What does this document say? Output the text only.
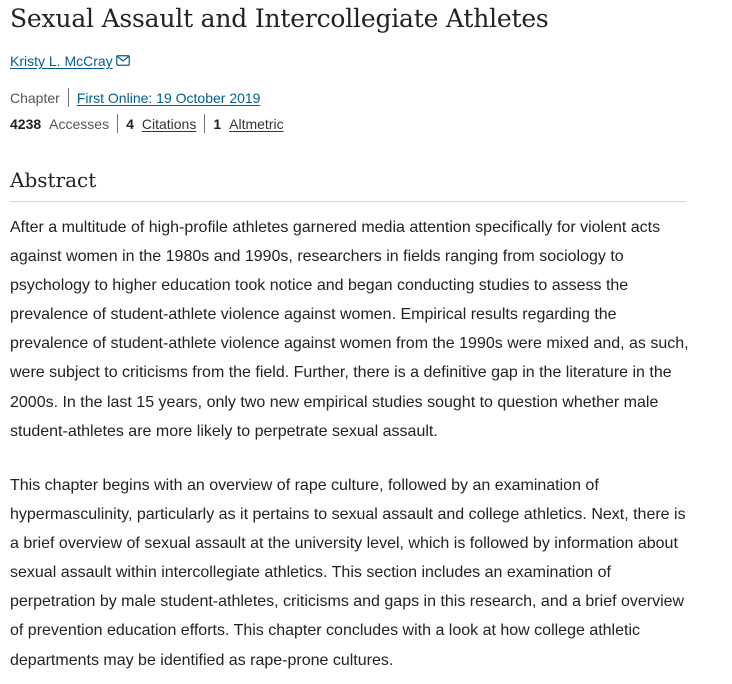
Sexual Assault and Intercollegiate Athletes
Kristy L. McCray
Chapter First Online: 19 October 2019
4238 Accesses 4 Citations 1 Altmetric
Abstract

After a multitude of high-profile athletes garnered media attention specifically for violent acts against women in the 1980s and 1990s, researchers in fields ranging from sociology to psychology to higher education took notice and began conducting studies to assess the prevalence of student-athlete violence against women. Empirical results regarding the prevalence of student-athlete violence against women from the 1990s were mixed and, as such, were subject to criticisms from the field. Further, there is a definitive gap in the literature in the 2000s. In the last 15 years, only two new empirical studies sought to question whether male student-athletes are more likely to perpetrate sexual assault.

This chapter begins with an overview of rape culture, followed by an examination of hypermasculinity, particularly as it pertains to sexual assault and college athletics. Next, there is a brief overview of sexual assault at the university level, which is followed by information about sexual assault within intercollegiate athletics. This section includes an examination of perpetration by male student-athletes, criticisms and gaps in this research, and a brief overview of prevention education efforts. This chapter concludes with a look at how college athletic departments may be identified as rape-prone cultures.
